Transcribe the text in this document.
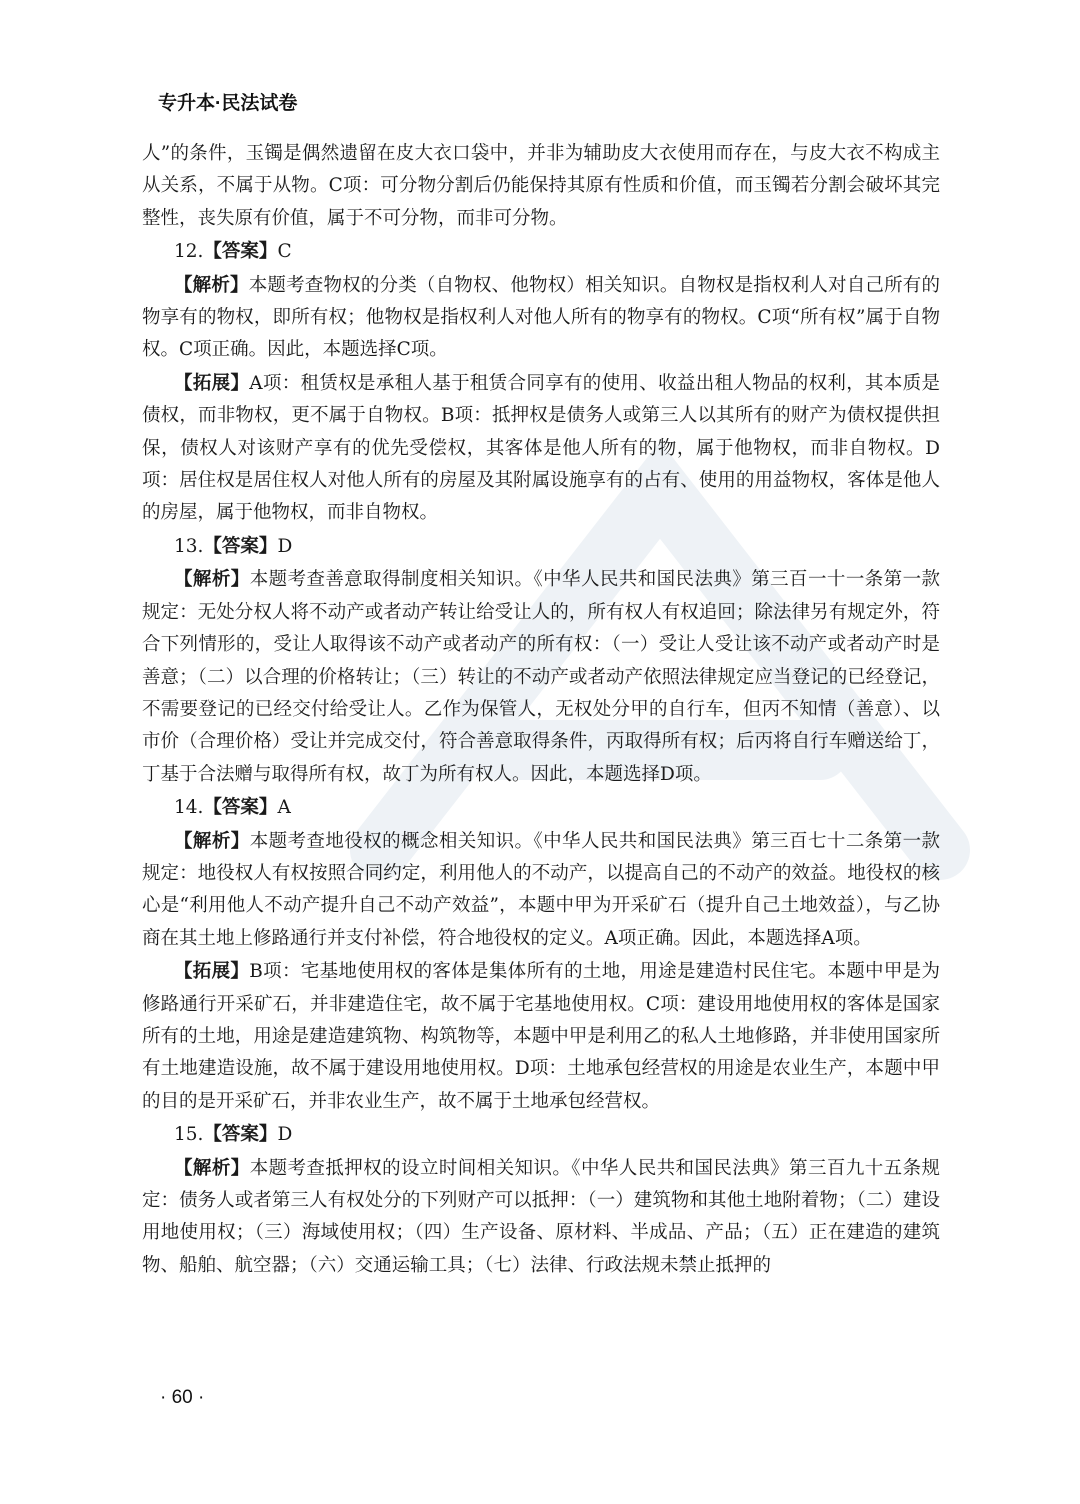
专升本·民法试卷

人”的条件，玉镯是偶然遗留在皮大衣口袋中，并非为辅助皮大衣使用而存在，与皮大衣不构成主从关系，不属于从物。C项：可分物分割后仍能保持其原有性质和价值，而玉镯若分割会破坏其完整性，丧失原有价值，属于不可分物，而非可分物。

12.【答案】C

【解析】本题考查物权的分类（自物权、他物权）相关知识。自物权是指权利人对自己所有的物享有的物权，即所有权；他物权是指权利人对他人所有的物享有的物权。C项“所有权”属于自物权。C项正确。因此，本题选择C项。

【拓展】A项：租赁权是承租人基于租赁合同享有的使用、收益出租人物品的权利，其本质是债权，而非物权，更不属于自物权。B项：抵押权是债务人或第三人以其所有的财产为债权提供担保，债权人对该财产享有的优先受偿权，其客体是他人所有的物，属于他物权，而非自物权。D项：居住权是居住权人对他人所有的房屋及其附属设施享有的占有、使用的用益物权，客体是他人的房屋，属于他物权，而非自物权。

13.【答案】D

【解析】本题考查善意取得制度相关知识。《中华人民共和国民法典》第三百一十一条第一款规定：无处分权人将不动产或者动产转让给受让人的，所有权人有权追回；除法律另有规定外，符合下列情形的，受让人取得该不动产或者动产的所有权：（一）受让人受让该不动产或者动产时是善意；（二）以合理的价格转让；（三）转让的不动产或者动产依照法律规定应当登记的已经登记，不需要登记的已经交付给受让人。乙作为保管人，无权处分甲的自行车，但丙不知情（善意）、以市价（合理价格）受让并完成交付，符合善意取得条件，丙取得所有权；后丙将自行车赠送给丁，丁基于合法赠与取得所有权，故丁为所有权人。因此，本题选择D项。

14.【答案】A

【解析】本题考查地役权的概念相关知识。《中华人民共和国民法典》第三百七十二条第一款规定：地役权人有权按照合同约定，利用他人的不动产，以提高自己的不动产的效益。地役权的核心是“利用他人不动产提升自己不动产效益”，本题中甲为开采矿石（提升自己土地效益），与乙协商在其土地上修路通行并支付补偿，符合地役权的定义。A项正确。因此，本题选择A项。

【拓展】B项：宅基地使用权的客体是集体所有的土地，用途是建造村民住宅。本题中甲是为修路通行开采矿石，并非建造住宅，故不属于宅基地使用权。C项：建设用地使用权的客体是国家所有的土地，用途是建造建筑物、构筑物等，本题中甲是利用乙的私人土地修路，并非使用国家所有土地建造设施，故不属于建设用地使用权。D项：土地承包经营权的用途是农业生产，本题中甲的目的是开采矿石，并非农业生产，故不属于土地承包经营权。

15.【答案】D

【解析】本题考查抵押权的设立时间相关知识。《中华人民共和国民法典》第三百九十五条规定：债务人或者第三人有权处分的下列财产可以抵押：（一）建筑物和其他土地附着物；（二）建设用地使用权；（三）海域使用权；（四）生产设备、原材料、半成品、产品；（五）正在建造的建筑物、船舶、航空器；（六）交通运输工具；（七）法律、行政法规未禁止抵押的

· 60 ·
